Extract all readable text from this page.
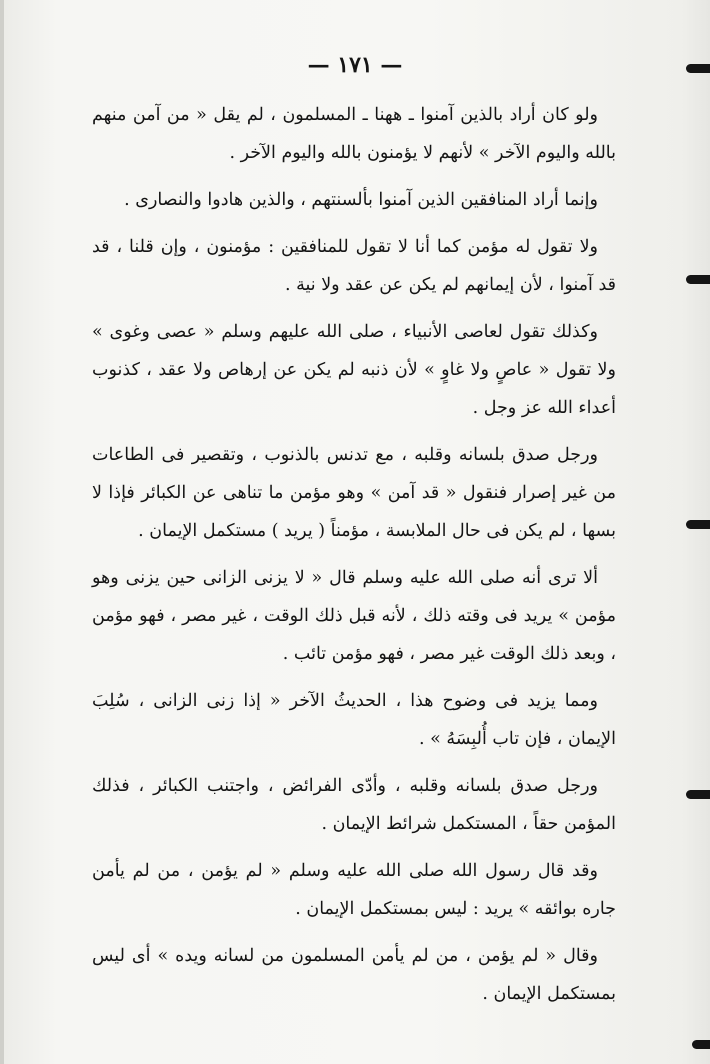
— ١٧١ —

ولو كان أراد بالذين آمنوا ـ ههنا ـ المسلمون ، لم يقل « من آمن منهم بالله واليوم الآخر » لأنهم لا يؤمنون بالله واليوم الآخر .

وإنما أراد المنافقين الذين آمنوا بألسنتهم ، والذين هادوا والنصارى .

ولا تقول له مؤمن كما أنا لا تقول للمنافقين : مؤمنون ، وإن قلنا ، قد قد آمنوا ، لأن إيمانهم لم يكن عن عقد ولا نية .

وكذلك تقول لعاصى الأنبياء ، صلى الله عليهم وسلم « عصى وغوى » ولا تقول « عاصٍ ولا غاوٍ » لأن ذنبه لم يكن عن إرهاص ولا عقد ، كذنوب أعداء الله عز وجل .

ورجل صدق بلسانه وقلبه ، مع تدنس بالذنوب ، وتقصير فى الطاعات من غير إصرار فنقول « قد آمن » وهو مؤمن ما تناهى عن الكبائر فإذا لا بسها ، لم يكن فى حال الملابسة ، مؤمناً ( يريد ) مستكمل الإيمان .

ألا ترى أنه صلى الله عليه وسلم قال « لا يزنى الزانى حين يزنى وهو مؤمن » يريد فى وقته ذلك ، لأنه قبل ذلك الوقت ، غير مصر ، فهو مؤمن ، وبعد ذلك الوقت غير مصر ، فهو مؤمن تائب .

ومما يزيد فى وضوح هذا ، الحديثُ الآخر « إذا زنى الزانى ، سُلِبَ الإيمان ، فإن تاب أُلبِسَهُ » .

ورجل صدق بلسانه وقلبه ، وأدّى الفرائض ، واجتنب الكبائر ، فذلك المؤمن حقاً ، المستكمل شرائط الإيمان .

وقد قال رسول الله صلى الله عليه وسلم « لم يؤمن ، من لم يأمن جاره بوائقه » يريد : ليس بمستكمل الإيمان .

وقال « لم يؤمن ، من لم يأمن المسلمون من لسانه ويده » أى ليس بمستكمل الإيمان .
